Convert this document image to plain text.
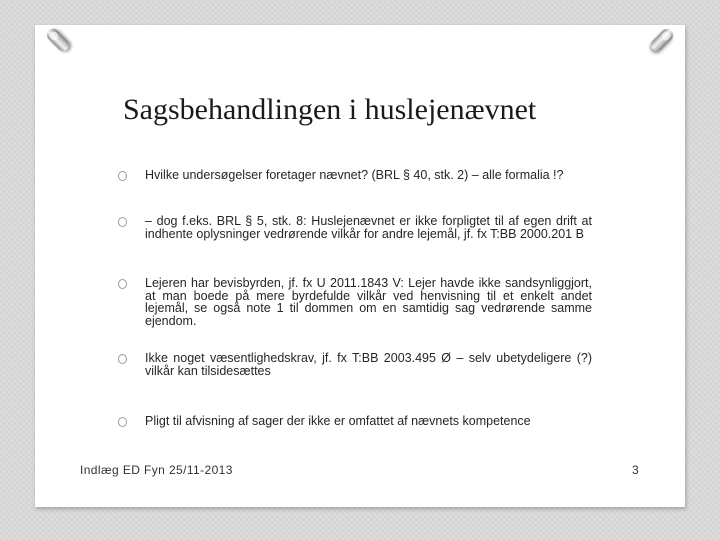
Sagsbehandlingen i huslejenævnet

Hvilke undersøgelser foretager nævnet? (BRL § 40, stk. 2) – alle formalia !?

– dog f.eks. BRL § 5, stk. 8: Huslejenævnet er ikke forpligtet til af egen drift at indhente oplysninger vedrørende vilkår for andre lejemål, jf. fx T:BB 2000.201 B

Lejeren har bevisbyrden, jf. fx U 2011.1843 V: Lejer havde ikke sandsynliggjort, at man boede på mere byrdefulde vilkår ved henvisning til et enkelt andet lejemål, se også note 1 til dommen om en samtidig sag vedrørende samme ejendom.

Ikke noget væsentlighedskrav, jf. fx T:BB 2003.495 Ø – selv ubetydeligere (?) vilkår kan tilsidesættes

Pligt til afvisning af sager der ikke er omfattet af nævnets kompetence

Indlæg ED Fyn 25/11-2013	3
